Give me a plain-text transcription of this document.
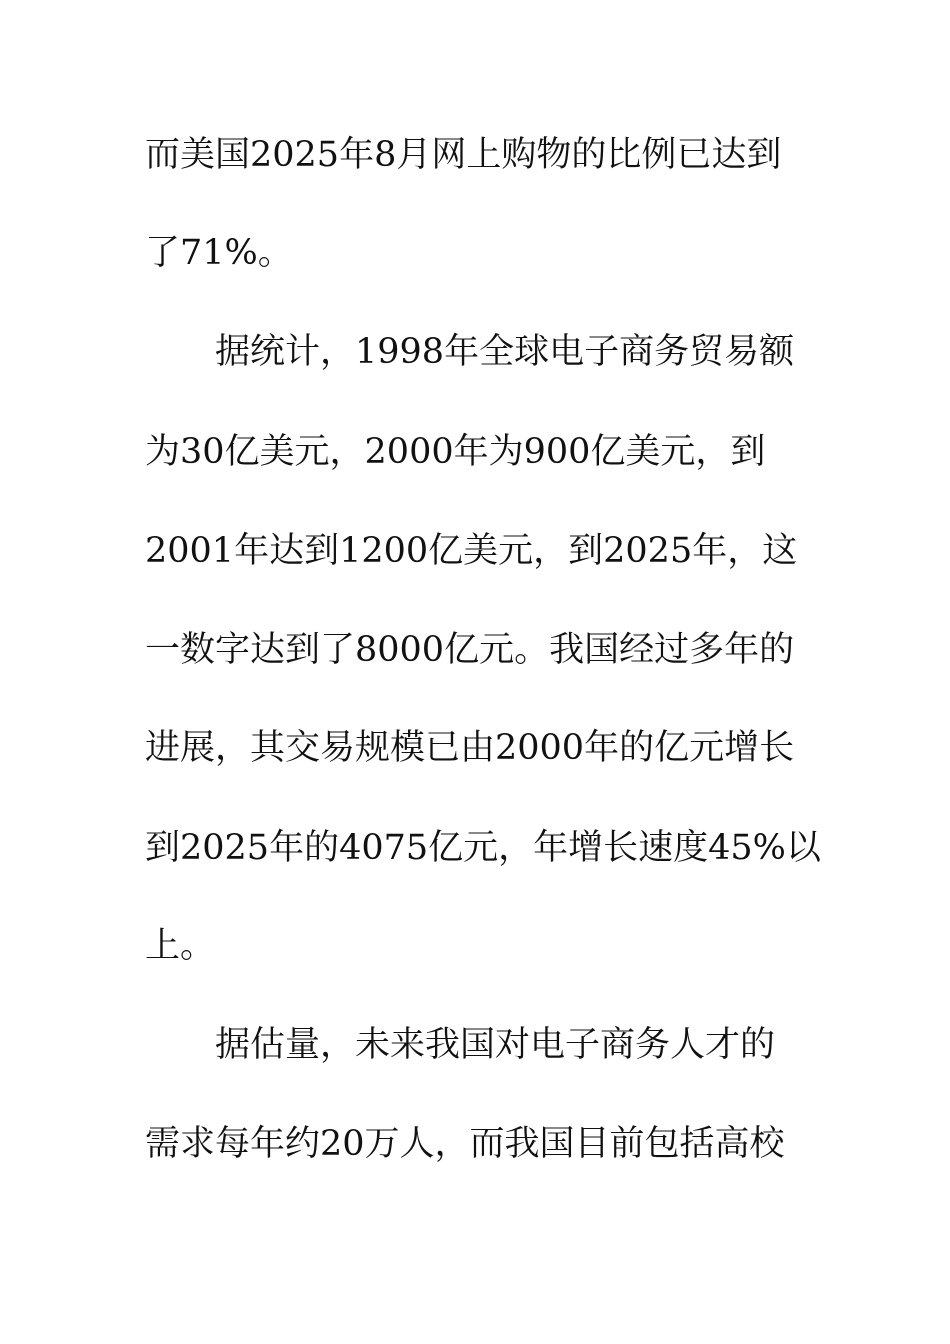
而美国2025年8月网上购物的比例已达到
了71%。
据统计，1998年全球电子商务贸易额
为30亿美元，2000年为900亿美元，到
2001年达到1200亿美元，到2025年，这
一数字达到了8000亿元。我国经过多年的
进展，其交易规模已由2000年的亿元增长
到2025年的4075亿元，年增长速度45%以
上。
据估量，未来我国对电子商务人才的
需求每年约20万人，而我国目前包括高校
